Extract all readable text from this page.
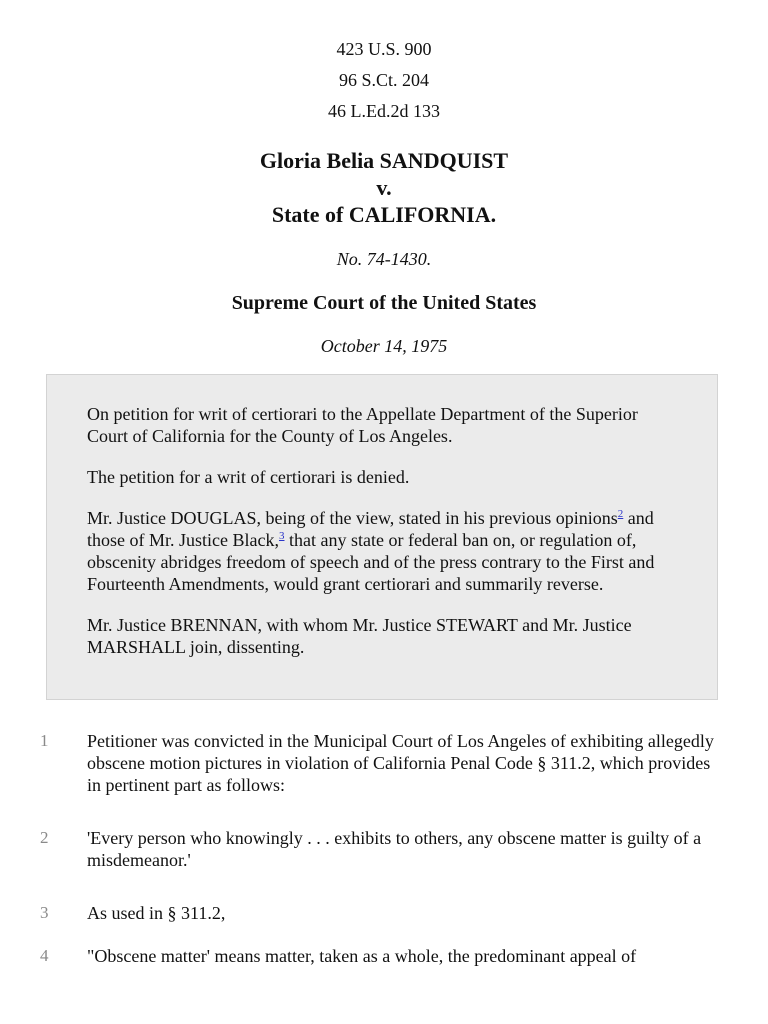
423 U.S. 900
96 S.Ct. 204
46 L.Ed.2d 133
Gloria Belia SANDQUIST
v.
State of CALIFORNIA.
No. 74-1430.
Supreme Court of the United States
October 14, 1975

On petition for writ of certiorari to the Appellate Department of the Superior Court of California for the County of Los Angeles.

The petition for a writ of certiorari is denied.

Mr. Justice DOUGLAS, being of the view, stated in his previous opinions$^2$ and those of Mr. Justice Black,$^3$ that any state or federal ban on, or regulation of, obscenity abridges freedom of speech and of the press contrary to the First and Fourteenth Amendments, would grant certiorari and summarily reverse.

Mr. Justice BRENNAN, with whom Mr. Justice STEWART and Mr. Justice MARSHALL join, dissenting.

1	Petitioner was convicted in the Municipal Court of Los Angeles of exhibiting allegedly obscene motion pictures in violation of California Penal Code § 311.2, which provides in pertinent part as follows:
2	'Every person who knowingly . . . exhibits to others, any obscene matter is guilty of a misdemeanor.'
3	As used in § 311.2,
4	"Obscene matter' means matter, taken as a whole, the predominant appeal of
